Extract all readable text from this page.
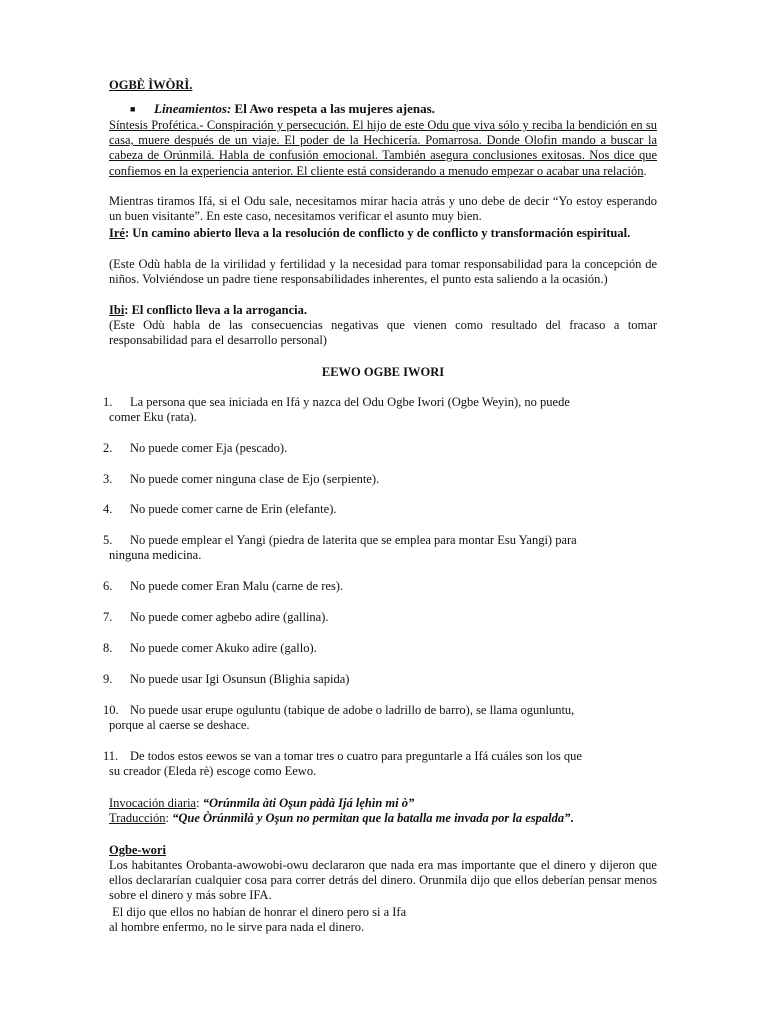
OGBÈ ÌWÒRÌ.
■ Lineamientos: El Awo respeta a las mujeres ajenas.
Síntesis Profética.- Conspiración y persecución. El hijo de este Odu que viva sólo y reciba la bendición en su casa, muere después de un viaje. El poder de la Hechicería. Pomarrosa. Donde Olofin mando a buscar la cabeza de Orúnmilá. Habla de confusión emocional. También asegura conclusiones exitosas. Nos dice que confiemos en la experiencia anterior. El cliente está considerando a menudo empezar o acabar una relación.
Mientras tiramos Ifá, si el Odu sale, necesitamos mirar hacia atrás y uno debe de decir “Yo estoy esperando un buen visitante”. En este caso, necesitamos verificar el asunto muy bien.
Iré: Un camino abierto lleva a la resolución de conflicto y de conflicto y transformación espiritual.
(Este Odù habla de la virilidad y fertilidad y la necesidad para tomar responsabilidad para la concepción de niños. Volviéndose un padre tiene responsabilidades inherentes, el punto esta saliendo a la ocasión.)
Ibi: El conflicto lleva a la arrogancia.
(Este Odù habla de las consecuencias negativas que vienen como resultado del fracaso a tomar responsabilidad para el desarrollo personal)
EEWO OGBE IWORI
1. La persona que sea iniciada en Ifá y nazca del Odu Ogbe Iwori (Ogbe Weyin), no puede
comer Eku (rata).
2. No puede comer Eja (pescado).
3. No puede comer ninguna clase de Ejo (serpiente).
4. No puede comer carne de Erin (elefante).
5. No puede emplear el Yangi (piedra de laterita que se emplea para montar Esu Yangi) para
ninguna medicina.
6. No puede comer Eran Malu (carne de res).
7. No puede comer agbebo adire (gallina).
8. No puede comer Akuko adire (gallo).
9. No puede usar Igi Osunsun (Blighia sapida)
10. No puede usar erupe oguluntu (tabique de adobe o ladrillo de barro), se llama ogunluntu,
porque al caerse se deshace.
11. De todos estos eewos se van a tomar tres o cuatro para preguntarle a Ifá cuáles son los que
su creador (Eleda rè) escoge como Eewo.
Invocación diaria: “Orúnmila àti Oşun pàdà Ijá lẹhìn mi ò”
Traducción: “Que Òrúnmìlà y Oşun no permitan que la batalla me invada por la espalda”.
Ogbe-wori
Los habitantes Orobanta-awowobi-owu declararon que nada era mas importante que el dinero y dijeron que ellos declararían cualquier cosa para correr detrás del dinero. Orunmila dijo que ellos deberían pensar menos sobre el dinero y más sobre IFA.
El dijo que ellos no habían de honrar el dinero pero si a Ifa
al hombre enfermo, no le sirve para nada el dinero.
